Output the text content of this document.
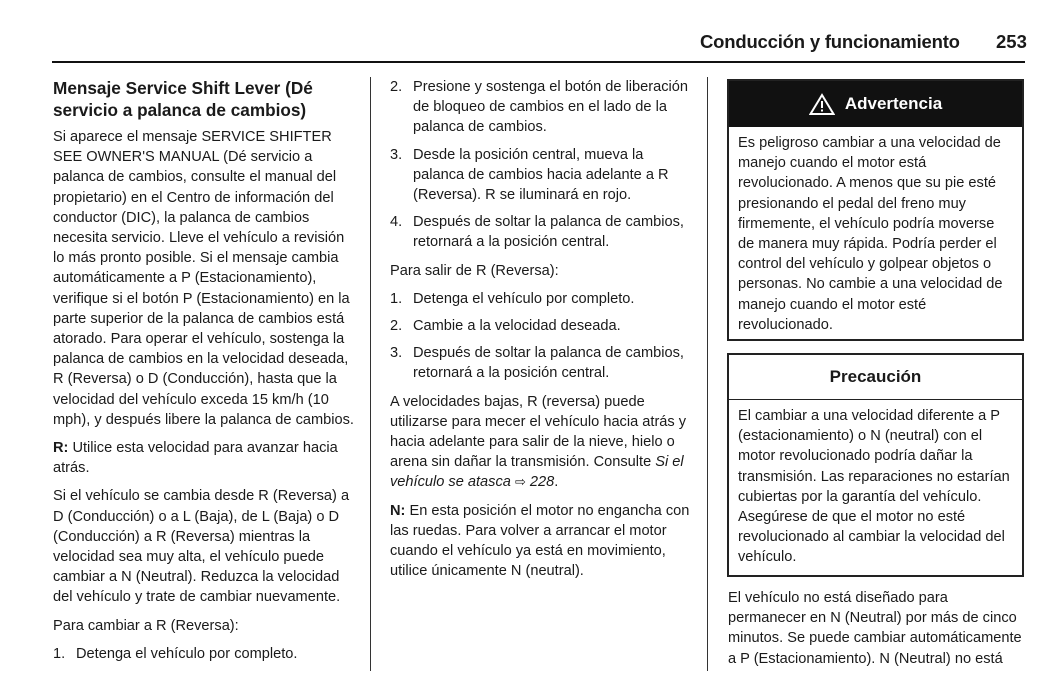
Conducción y funcionamiento 253
Mensaje Service Shift Lever (Dé servicio a palanca de cambios)

Si aparece el mensaje SERVICE SHIFTER SEE OWNER'S MANUAL (Dé servicio a palanca de cambios, consulte el manual del propietario) en el Centro de información del conductor (DIC), la palanca de cambios necesita servicio. Lleve el vehículo a revisión lo más pronto posible. Si el mensaje cambia automáticamente a P (Estacionamiento), verifique si el botón P (Estacionamiento) en la parte superior de la palanca de cambios está atorado. Para operar el vehículo, sostenga la palanca de cambios en la velocidad deseada, R (Reversa) o D (Conducción), hasta que la velocidad del vehículo exceda 15 km/h (10 mph), y después libere la palanca de cambios.

R: Utilice esta velocidad para avanzar hacia atrás.

Si el vehículo se cambia desde R (Reversa) a D (Conducción) o a L (Baja), de L (Baja) o D (Conducción) a R (Reversa) mientras la velocidad sea muy alta, el vehículo puede cambiar a N (Neutral). Reduzca la velocidad del vehículo y trate de cambiar nuevamente.

Para cambiar a R (Reversa):

1. Detenga el vehículo por completo.
2. Presione y sostenga el botón de liberación de bloqueo de cambios en el lado de la palanca de cambios.
3. Desde la posición central, mueva la palanca de cambios hacia adelante a R (Reversa). R se iluminará en rojo.
4. Después de soltar la palanca de cambios, retornará a la posición central.

Para salir de R (Reversa):

1. Detenga el vehículo por completo.
2. Cambie a la velocidad deseada.
3. Después de soltar la palanca de cambios, retornará a la posición central.

A velocidades bajas, R (reversa) puede utilizarse para mecer el vehículo hacia atrás y hacia adelante para salir de la nieve, hielo o arena sin dañar la transmisión. Consulte Si el vehículo se atasca ⇨ 228.

N: En esta posición el motor no engancha con las ruedas. Para volver a arrancar el motor cuando el vehículo ya está en movimiento, utilice únicamente N (neutral).

Advertencia
Es peligroso cambiar a una velocidad de manejo cuando el motor está revolucionado. A menos que su pie esté presionando el pedal del freno muy firmemente, el vehículo podría moverse de manera muy rápida. Podría perder el control del vehículo y golpear objetos o personas. No cambie a una velocidad de manejo cuando el motor esté revolucionado.
Precaución
El cambiar a una velocidad diferente a P (estacionamiento) o N (neutral) con el motor revolucionado podría dañar la transmisión. Las reparaciones no estarían cubiertas por la garantía del vehículo. Asegúrese de que el motor no esté revolucionado al cambiar la velocidad del vehículo.
El vehículo no está diseñado para permanecer en N (Neutral) por más de cinco minutos. Se puede cambiar automáticamente a P (Estacionamiento). N (Neutral) no está
